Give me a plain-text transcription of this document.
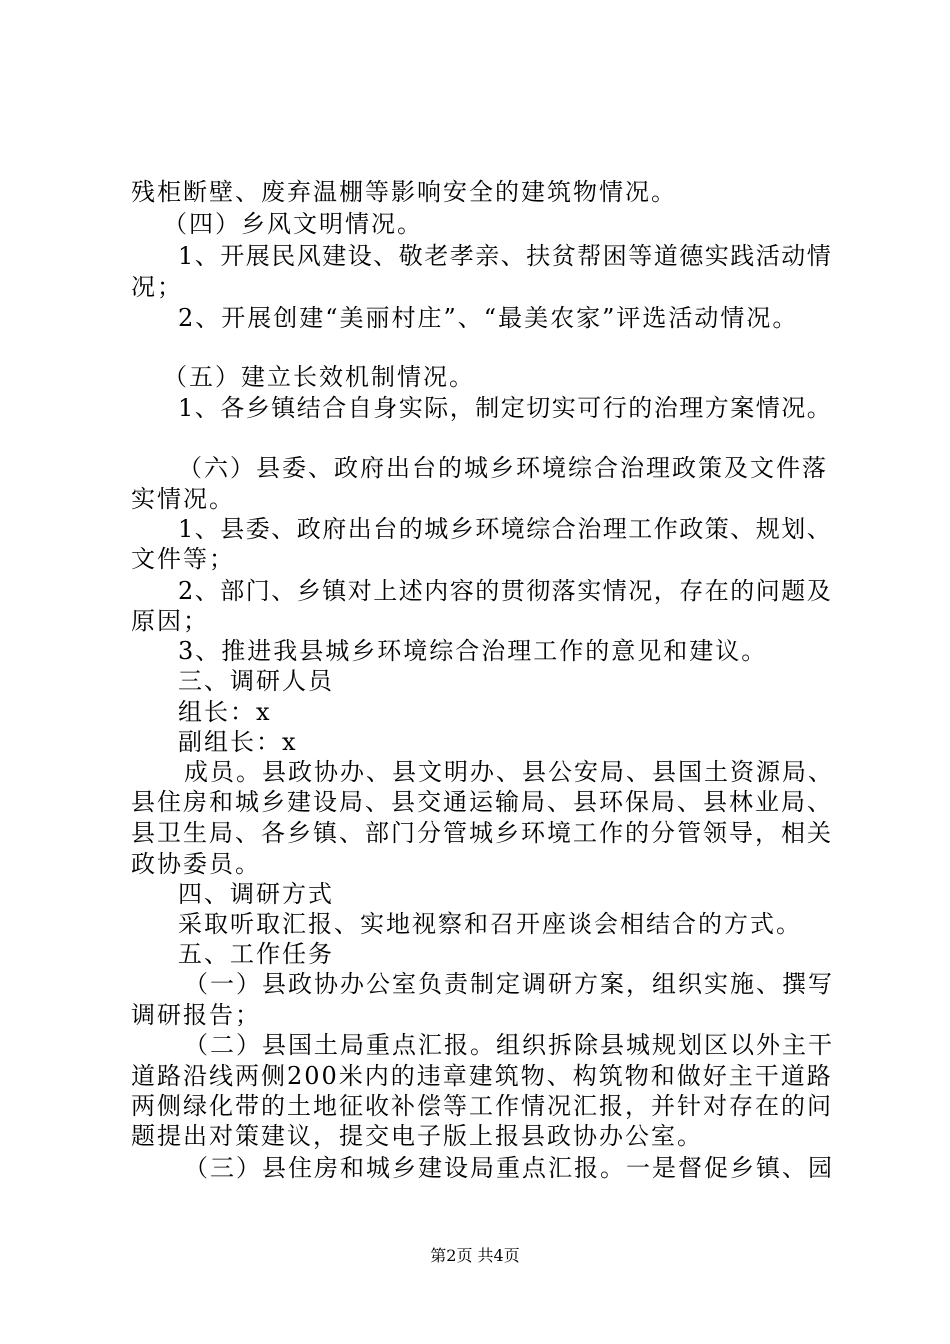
残柜断壁、废弃温棚等影响安全的建筑物情况。
（四）乡风文明情况。
1、开展民风建设、敬老孝亲、扶贫帮困等道德实践活动情
况；
2、开展创建“美丽村庄”、“最美农家”评选活动情况。
（五）建立长效机制情况。
1、各乡镇结合自身实际，制定切实可行的治理方案情况。
（六）县委、政府出台的城乡环境综合治理政策及文件落
实情况。
1、县委、政府出台的城乡环境综合治理工作政策、规划、
文件等；
2、部门、乡镇对上述内容的贯彻落实情况，存在的问题及
原因；
3、推进我县城乡环境综合治理工作的意见和建议。
三、调研人员
组长：x
副组长：x
成员。县政协办、县文明办、县公安局、县国土资源局、
县住房和城乡建设局、县交通运输局、县环保局、县林业局、
县卫生局、各乡镇、部门分管城乡环境工作的分管领导，相关
政协委员。
四、调研方式
采取听取汇报、实地视察和召开座谈会相结合的方式。
五、工作任务
（一）县政协办公室负责制定调研方案，组织实施、撰写
调研报告；
（二）县国土局重点汇报。组织拆除县城规划区以外主干
道路沿线两侧200米内的违章建筑物、构筑物和做好主干道路
两侧绿化带的土地征收补偿等工作情况汇报，并针对存在的问
题提出对策建议，提交电子版上报县政协办公室。
（三）县住房和城乡建设局重点汇报。一是督促乡镇、园
第2页 共4页
